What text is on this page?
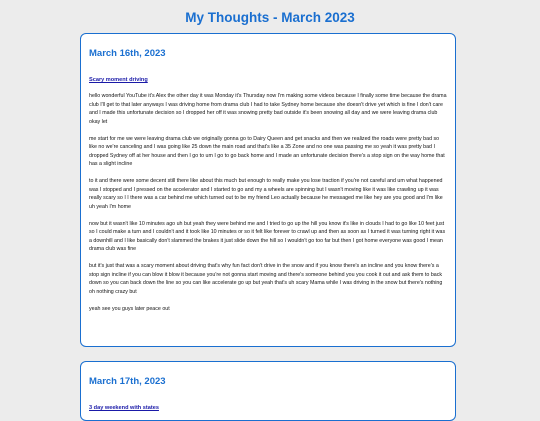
My Thoughts - March 2023
March 16th, 2023
Scary moment driving

hello wonderful YouTube it's Alex the other day it was Monday it's Thursday now I'm making some videos because I finally some time because the drama club I'll get to that later anyways I was driving home from drama club I had to take Sydney home because she doesn't drive yet which is fine I don't care and I made this unfortunate decision so I dropped her off it was snowing pretty bad outside it's been snowing all day and we were leaving drama club okay let

me start for me we were leaving drama club we originally gonna go to Dairy Queen and get snacks and then we realized the roads were pretty bad so like no we're canceling and I was going like 25 down the main road and that's like a 35 Zone and no one was passing me so yeah it was pretty bad I dropped Sydney off at her house and then I go to um I go to go back home and I made an unfortunate decision there's a stop sign on the way home that has a slight incline

to it and there were some decent still there like about this much but enough to really make you lose traction if you're not careful and um what happened was I stopped and I pressed on the accelerator and I started to go and my a wheels are spinning but I wasn't moving like it was like crawling up it was really scary so I I there was a car behind me which turned out to be my friend Leo actually because he messaged me like hey are you good and I'm like uh yeah I'm home

now but it wasn't like 10 minutes ago uh but yeah they were behind me and I tried to go up the hill you know it's like in clouds I had to go like 10 feet just so I could make a turn and I couldn't and it took like 10 minutes or so it felt like forever to crawl up and then as soon as I turned it was turning right it was a downhill and I like basically don't slammed the brakes it just slide down the hill so I wouldn't go too far but then I got home everyone was good I mean drama club was fine

but it's just that was a scary moment about driving that's why fun fact don't drive in the snow and if you know there's an incline and you know there's a stop sign incline if you can blow it blow it because you're not gonna start moving and there's someone behind you you cook it out and ask them to back down so you can back down the line so you can like accelerate go up but yeah that's uh scary Mama while I was driving in the snow but there's nothing oh nothing crazy but

yeah see you guys later peace out

March 17th, 2023
3 day weekend with states
